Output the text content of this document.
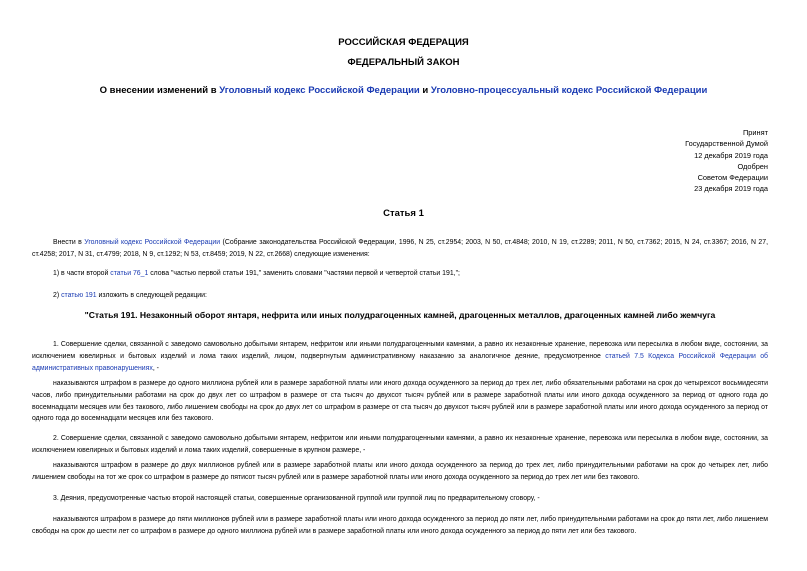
РОССИЙСКАЯ ФЕДЕРАЦИЯ
ФЕДЕРАЛЬНЫЙ ЗАКОН
О внесении изменений в Уголовный кодекс Российской Федерации и Уголовно-процессуальный кодекс Российской Федерации
Принят
Государственной Думой
12 декабря 2019 года
Одобрен
Советом Федерации
23 декабря 2019 года
Статья 1
Внести в Уголовный кодекс Российской Федерации (Собрание законодательства Российской Федерации, 1996, N 25, ст.2954; 2003, N 50, ст.4848; 2010, N 19, ст.2289; 2011, N 50, ст.7362; 2015, N 24, ст.3367; 2016, N 27, ст.4258; 2017, N 31, ст.4799; 2018, N 9, ст.1292; N 53, ст.8459; 2019, N 22, ст.2668) следующие изменения:
1) в части второй статьи 76_1 слова "частью первой статьи 191," заменить словами "частями первой и четвертой статьи 191,";
2) статью 191 изложить в следующей редакции:
"Статья 191. Незаконный оборот янтаря, нефрита или иных полудрагоценных камней, драгоценных металлов, драгоценных камней либо жемчуга
1. Совершение сделки, связанной с заведомо самовольно добытыми янтарем, нефритом или иными полудрагоценными камнями, а равно их незаконные хранение, перевозка или пересылка в любом виде, состоянии, за исключением ювелирных и бытовых изделий и лома таких изделий, лицом, подвергнутым административному наказанию за аналогичное деяние, предусмотренное статьей 7.5 Кодекса Российской Федерации об административных правонарушениях, -
наказываются штрафом в размере до одного миллиона рублей или в размере заработной платы или иного дохода осужденного за период до трех лет, либо обязательными работами на срок до четырехсот восьмидесяти часов, либо принудительными работами на срок до двух лет со штрафом в размере от ста тысяч до двухсот тысяч рублей или в размере заработной платы или иного дохода осужденного за период от одного года до восемнадцати месяцев или без такового, либо лишением свободы на срок до двух лет со штрафом в размере от ста тысяч до двухсот тысяч рублей или в размере заработной платы или иного дохода осужденного за период от одного года до восемнадцати месяцев или без такового.
2. Совершение сделки, связанной с заведомо самовольно добытыми янтарем, нефритом или иными полудрагоценными камнями, а равно их незаконные хранение, перевозка или пересылка в любом виде, состоянии, за исключением ювелирных и бытовых изделий и лома таких изделий, совершенные в крупном размере, -
наказываются штрафом в размере до двух миллионов рублей или в размере заработной платы или иного дохода осужденного за период до трех лет, либо принудительными работами на срок до четырех лет, либо лишением свободы на тот же срок со штрафом в размере до пятисот тысяч рублей или в размере заработной платы или иного дохода осужденного за период до трех лет или без такового.
3. Деяния, предусмотренные частью второй настоящей статьи, совершенные организованной группой или группой лиц по предварительному сговору, -
наказываются штрафом в размере до пяти миллионов рублей или в размере заработной платы или иного дохода осужденного за период до пяти лет, либо принудительными работами на срок до пяти лет, либо лишением свободы на срок до шести лет со штрафом в размере до одного миллиона рублей или в размере заработной платы или иного дохода осужденного за период до пяти лет или без такового.
